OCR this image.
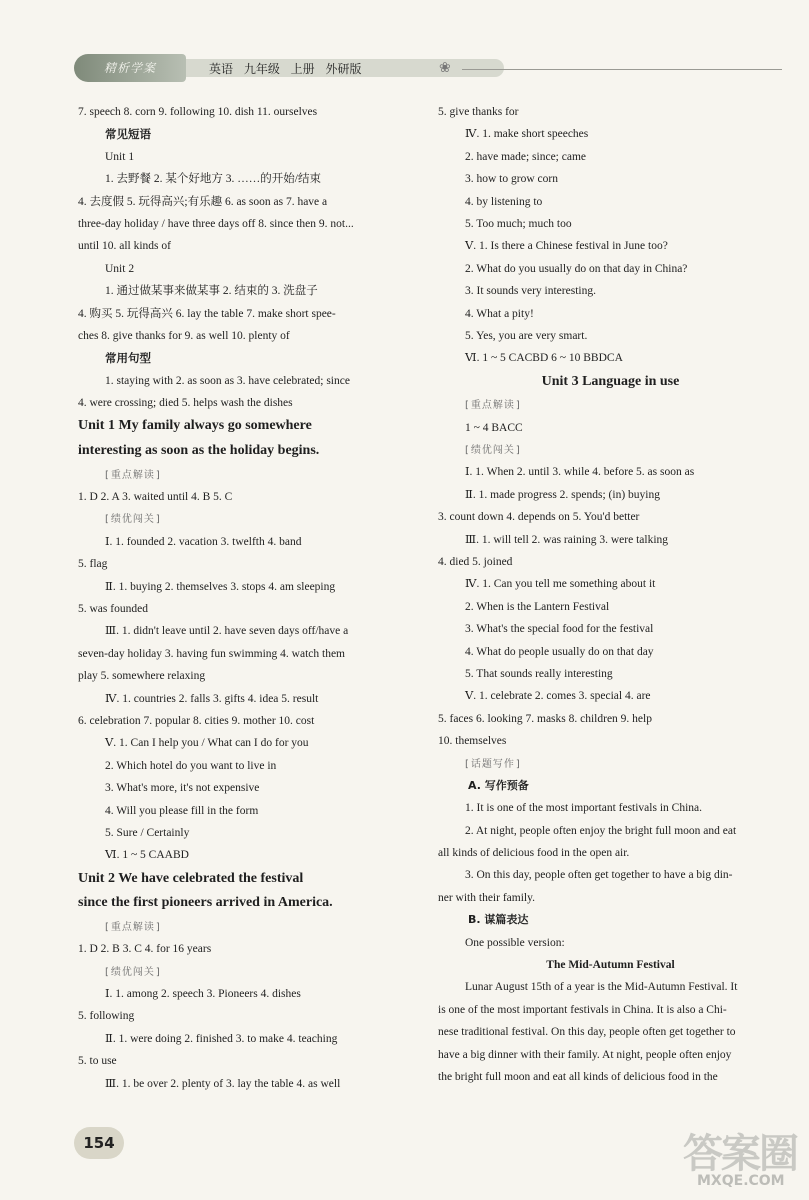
精析学案	英语 九年级 上册 外研版	❀
7. speech 8. corn 9. following 10. dish 11. ourselves
常见短语
Unit 1
1. 去野餐 2. 某个好地方 3. ……的开始/结束
4. 去度假 5. 玩得高兴;有乐趣 6. as soon as 7. have a
three-day holiday / have three days off 8. since then 9. not...
until 10. all kinds of
Unit 2
1. 通过做某事来做某事 2. 结束的 3. 洗盘子
4. 购买 5. 玩得高兴 6. lay the table 7. make short spee-
ches 8. give thanks for 9. as well 10. plenty of
常用句型
1. staying with 2. as soon as 3. have celebrated; since
4. were crossing; died 5. helps wash the dishes
Unit 1 My family always go somewhere
interesting as soon as the holiday begins.
[ 重点解读 ]
1. D 2. A 3. waited until 4. B 5. C
[ 绩优闯关 ]
Ⅰ. 1. founded 2. vacation 3. twelfth 4. band
5. flag
Ⅱ. 1. buying 2. themselves 3. stops 4. am sleeping
5. was founded
Ⅲ. 1. didn't leave until 2. have seven days off/have a
seven-day holiday 3. having fun swimming 4. watch them
play 5. somewhere relaxing
Ⅳ. 1. countries 2. falls 3. gifts 4. idea 5. result
6. celebration 7. popular 8. cities 9. mother 10. cost
Ⅴ. 1. Can I help you / What can I do for you
2. Which hotel do you want to live in
3. What's more, it's not expensive
4. Will you please fill in the form
5. Sure / Certainly
Ⅵ. 1 ~ 5 CAABD
Unit 2 We have celebrated the festival
since the first pioneers arrived in America.
[ 重点解读 ]
1. D 2. B 3. C 4. for 16 years
[ 绩优闯关 ]
Ⅰ. 1. among 2. speech 3. Pioneers 4. dishes
5. following
Ⅱ. 1. were doing 2. finished 3. to make 4. teaching
5. to use
Ⅲ. 1. be over 2. plenty of 3. lay the table 4. as well
5. give thanks for
Ⅳ. 1. make short speeches
2. have made; since; came
3. how to grow corn
4. by listening to
5. Too much; much too
Ⅴ. 1. Is there a Chinese festival in June too?
2. What do you usually do on that day in China?
3. It sounds very interesting.
4. What a pity!
5. Yes, you are very smart.
Ⅵ. 1 ~ 5 CACBD 6 ~ 10 BBDCA
Unit 3 Language in use
[ 重点解读 ]
1 ~ 4 BACC
[ 绩优闯关 ]
Ⅰ. 1. When 2. until 3. while 4. before 5. as soon as
Ⅱ. 1. made progress 2. spends; (in) buying
3. count down 4. depends on 5. You'd better
Ⅲ. 1. will tell 2. was raining 3. were talking
4. died 5. joined
Ⅳ. 1. Can you tell me something about it
2. When is the Lantern Festival
3. What's the special food for the festival
4. What do people usually do on that day
5. That sounds really interesting
Ⅴ. 1. celebrate 2. comes 3. special 4. are
5. faces 6. looking 7. masks 8. children 9. help
10. themselves
[ 话题写作 ]
A. 写作预备
1. It is one of the most important festivals in China.
2. At night, people often enjoy the bright full moon and eat
all kinds of delicious food in the open air.
3. On this day, people often get together to have a big din-
ner with their family.
B. 谋篇表达
One possible version:
The Mid-Autumn Festival
Lunar August 15th of a year is the Mid-Autumn Festival. It
is one of the most important festivals in China. It is also a Chi-
nese traditional festival. On this day, people often get together to
have a big dinner with their family. At night, people often enjoy
the bright full moon and eat all kinds of delicious food in the
154	答案圈
MXQE.COM
